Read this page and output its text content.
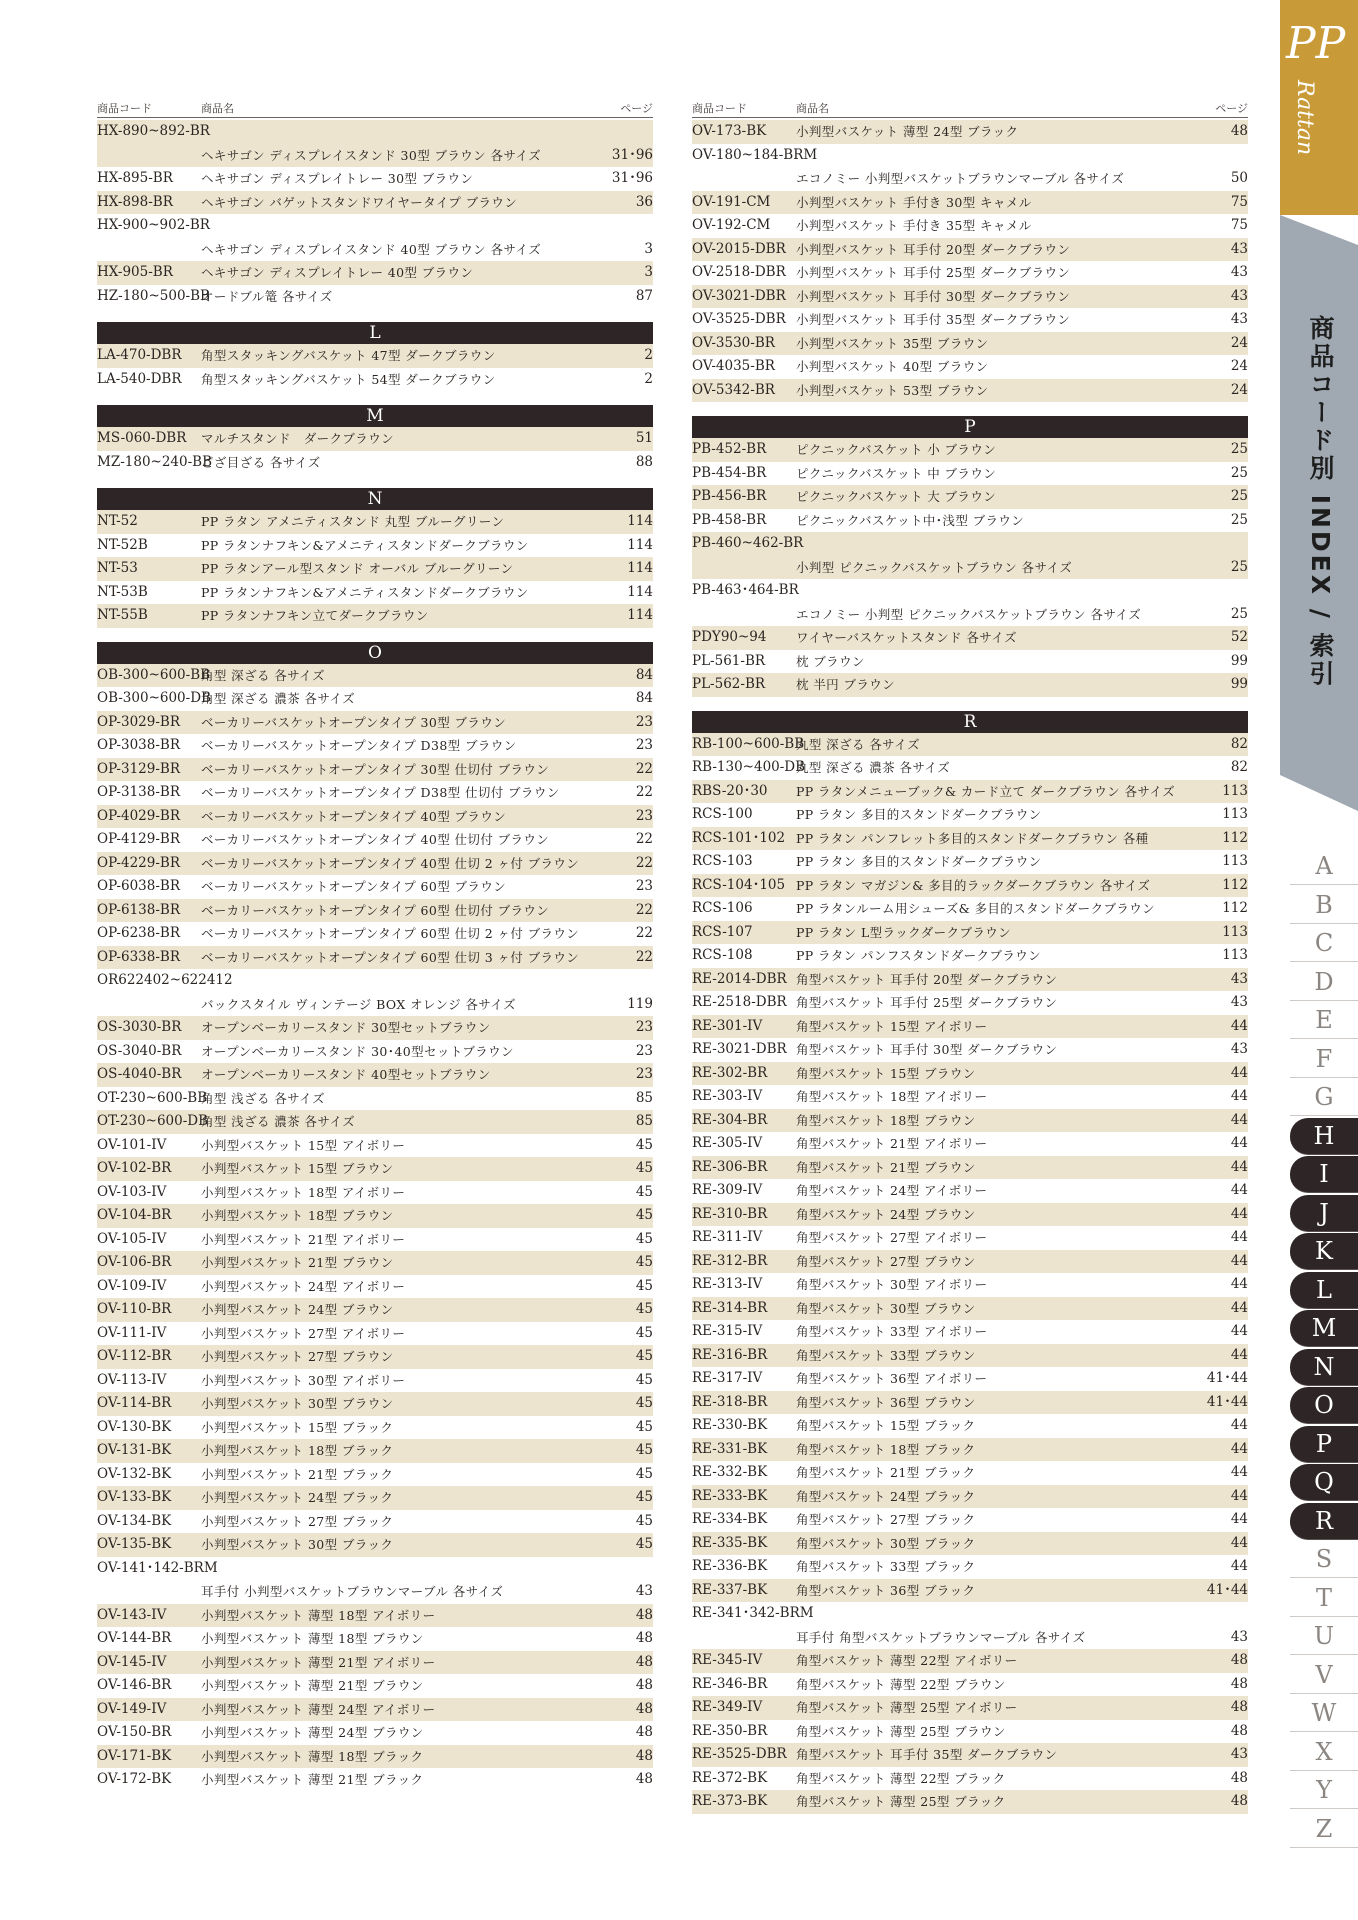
商品コード	商品名	ページ
HX-890~892-BR
ヘキサゴン ディスプレイスタンド 30型 ブラウン 各サイズ	31･96
HX-895-BR ヘキサゴン ディスプレイトレー 30型 ブラウン	31･96
HX-898-BR ヘキサゴン バゲットスタンドワイヤータイプ ブラウン	36
HX-900~902-BR
ヘキサゴン ディスプレイスタンド 40型 ブラウン 各サイズ	3
HX-905-BR ヘキサゴン ディスプレイトレー 40型 ブラウン	3
HZ-180~500-BB
オードブル篭 各サイズ	87
L
LA-470-DBR 角型スタッキングバスケット 47型 ダークブラウン	2
LA-540-DBR 角型スタッキングバスケット 54型 ダークブラウン	2
M
MS-060-DBR マルチスタンド　ダークブラウン	51
MZ-180~240-BB
ござ目ざる 各サイズ	88
N
NT-52	PP ラタン アメニティスタンド 丸型 ブルーグリーン	114
NT-52B	PP ラタンナフキン&アメニティスタンドダークブラウン	114
NT-53	PP ラタンアール型スタンド オーバル ブルーグリーン	114
NT-53B	PP ラタンナフキン&アメニティスタンドダークブラウン	114
NT-55B	PP ラタンナフキン立てダークブラウン	114
O
OB-300~600-BB
角型 深ざる 各サイズ	84
OB-300~600-DB
角型 深ざる 濃茶 各サイズ	84
OP-3029-BR ベーカリーバスケットオープンタイプ 30型 ブラウン	23
OP-3038-BR ベーカリーバスケットオープンタイプ D38型 ブラウン	23
OP-3129-BR ベーカリーバスケットオープンタイプ 30型 仕切付 ブラウン	22
OP-3138-BR ベーカリーバスケットオープンタイプ D38型 仕切付 ブラウン	22
OP-4029-BR ベーカリーバスケットオープンタイプ 40型 ブラウン	23
OP-4129-BR ベーカリーバスケットオープンタイプ 40型 仕切付 ブラウン	22
OP-4229-BR ベーカリーバスケットオープンタイプ 40型 仕切 2 ヶ付 ブラウン	22
OP-6038-BR ベーカリーバスケットオープンタイプ 60型 ブラウン	23
OP-6138-BR ベーカリーバスケットオープンタイプ 60型 仕切付 ブラウン	22
OP-6238-BR ベーカリーバスケットオープンタイプ 60型 仕切 2 ヶ付 ブラウン	22
OP-6338-BR ベーカリーバスケットオープンタイプ 60型 仕切 3 ヶ付 ブラウン	22
OR622402~622412
バックスタイル ヴィンテージ BOX オレンジ 各サイズ	119
OS-3030-BR オープンベーカリースタンド 30型セットブラウン	23
OS-3040-BR オープンベーカリースタンド 30･40型セットブラウン	23
OS-4040-BR オープンベーカリースタンド 40型セットブラウン	23
OT-230~600-BB
角型 浅ざる 各サイズ	85
OT-230~600-DB
角型 浅ざる 濃茶 各サイズ	85
OV-101-IV	小判型バスケット 15型 アイボリー	45
OV-102-BR 小判型バスケット 15型 ブラウン	45
OV-103-IV	小判型バスケット 18型 アイボリー	45
OV-104-BR 小判型バスケット 18型 ブラウン	45
OV-105-IV	小判型バスケット 21型 アイボリー	45
OV-106-BR 小判型バスケット 21型 ブラウン	45
OV-109-IV	小判型バスケット 24型 アイボリー	45
OV-110-BR 小判型バスケット 24型 ブラウン	45
OV-111-IV	小判型バスケット 27型 アイボリー	45
OV-112-BR 小判型バスケット 27型 ブラウン	45
OV-113-IV	小判型バスケット 30型 アイボリー	45
OV-114-BR 小判型バスケット 30型 ブラウン	45
OV-130-BK 小判型バスケット 15型 ブラック	45
OV-131-BK 小判型バスケット 18型 ブラック	45
OV-132-BK 小判型バスケット 21型 ブラック	45
OV-133-BK 小判型バスケット 24型 ブラック	45
OV-134-BK 小判型バスケット 27型 ブラック	45
OV-135-BK 小判型バスケット 30型 ブラック	45
OV-141･142-BRM
耳手付 小判型バスケットブラウンマーブル 各サイズ	43
OV-143-IV	小判型バスケット 薄型 18型 アイボリー	48
OV-144-BR 小判型バスケット 薄型 18型 ブラウン	48
OV-145-IV	小判型バスケット 薄型 21型 アイボリー	48
OV-146-BR 小判型バスケット 薄型 21型 ブラウン	48
OV-149-IV	小判型バスケット 薄型 24型 アイボリー	48
OV-150-BR 小判型バスケット 薄型 24型 ブラウン	48
OV-171-BK 小判型バスケット 薄型 18型 ブラック	48
OV-172-BK 小判型バスケット 薄型 21型 ブラック	48
商品コード	商品名	ページ
OV-173-BK 小判型バスケット 薄型 24型 ブラック	48
OV-180~184-BRM
エコノミー 小判型バスケットブラウンマーブル 各サイズ	50
OV-191-CM 小判型バスケット 手付き 30型 キャメル	75
OV-192-CM 小判型バスケット 手付き 35型 キャメル	75
OV-2015-DBR 小判型バスケット 耳手付 20型 ダークブラウン	43
OV-2518-DBR 小判型バスケット 耳手付 25型 ダークブラウン	43
OV-3021-DBR 小判型バスケット 耳手付 30型 ダークブラウン	43
OV-3525-DBR 小判型バスケット 耳手付 35型 ダークブラウン	43
OV-3530-BR 小判型バスケット 35型 ブラウン	24
OV-4035-BR 小判型バスケット 40型 ブラウン	24
OV-5342-BR 小判型バスケット 53型 ブラウン	24
P
PB-452-BR ピクニックバスケット 小 ブラウン	25
PB-454-BR ピクニックバスケット 中 ブラウン	25
PB-456-BR ピクニックバスケット 大 ブラウン	25
PB-458-BR ピクニックバスケット中･浅型 ブラウン	25
PB-460~462-BR
小判型 ピクニックバスケットブラウン 各サイズ	25
PB-463･464-BR
エコノミー 小判型 ピクニックバスケットブラウン 各サイズ	25
PDY90~94 ワイヤーバスケットスタンド 各サイズ	52
PL-561-BR 枕 ブラウン	99
PL-562-BR 枕 半円 ブラウン	99
R
RB-100~600-BB
丸型 深ざる 各サイズ	82
RB-130~400-DB
丸型 深ざる 濃茶 各サイズ	82
RBS-20･30 PP ラタンメニューブック& カード立て ダークブラウン 各サイズ	113
RCS-100	PP ラタン 多目的スタンドダークブラウン	113
RCS-101･102 PP ラタン パンフレット多目的スタンドダークブラウン 各種	112
RCS-103	PP ラタン 多目的スタンドダークブラウン	113
RCS-104･105 PP ラタン マガジン& 多目的ラックダークブラウン 各サイズ	112
RCS-106	PP ラタンルーム用シューズ& 多目的スタンドダークブラウン	112
RCS-107	PP ラタン L型ラックダークブラウン	113
RCS-108	PP ラタン パンフスタンドダークブラウン	113
RE-2014-DBR 角型バスケット 耳手付 20型 ダークブラウン	43
RE-2518-DBR 角型バスケット 耳手付 25型 ダークブラウン	43
RE-301-IV	角型バスケット 15型 アイボリー	44
RE-3021-DBR 角型バスケット 耳手付 30型 ダークブラウン	43
RE-302-BR 角型バスケット 15型 ブラウン	44
RE-303-IV	角型バスケット 18型 アイボリー	44
RE-304-BR 角型バスケット 18型 ブラウン	44
RE-305-IV	角型バスケット 21型 アイボリー	44
RE-306-BR 角型バスケット 21型 ブラウン	44
RE-309-IV	角型バスケット 24型 アイボリー	44
RE-310-BR 角型バスケット 24型 ブラウン	44
RE-311-IV	角型バスケット 27型 アイボリー	44
RE-312-BR 角型バスケット 27型 ブラウン	44
RE-313-IV	角型バスケット 30型 アイボリー	44
RE-314-BR 角型バスケット 30型 ブラウン	44
RE-315-IV	角型バスケット 33型 アイボリー	44
RE-316-BR 角型バスケット 33型 ブラウン	44
RE-317-IV	角型バスケット 36型 アイボリー	41･44
RE-318-BR 角型バスケット 36型 ブラウン	41･44
RE-330-BK 角型バスケット 15型 ブラック	44
RE-331-BK 角型バスケット 18型 ブラック	44
RE-332-BK 角型バスケット 21型 ブラック	44
RE-333-BK 角型バスケット 24型 ブラック	44
RE-334-BK 角型バスケット 27型 ブラック	44
RE-335-BK 角型バスケット 30型 ブラック	44
RE-336-BK 角型バスケット 33型 ブラック	44
RE-337-BK 角型バスケット 36型 ブラック	41･44
RE-341･342-BRM
耳手付 角型バスケットブラウンマーブル 各サイズ	43
RE-345-IV	角型バスケット 薄型 22型 アイボリー	48
RE-346-BR 角型バスケット 薄型 22型 ブラウン	48
RE-349-IV	角型バスケット 薄型 25型 アイボリー	48
RE-350-BR 角型バスケット 薄型 25型 ブラウン	48
RE-3525-DBR 角型バスケット 耳手付 35型 ダークブラウン	43
RE-372-BK 角型バスケット 薄型 22型 ブラック	48
RE-373-BK 角型バスケット 薄型 25型 ブラック	48
PP
Rattan
商品コード別 INDEX / 索引
A
B
C
D
E
F
G
H
I
J
K
L
M
N
O
P
Q
R
S
T
U
V
W
X
Y
Z
